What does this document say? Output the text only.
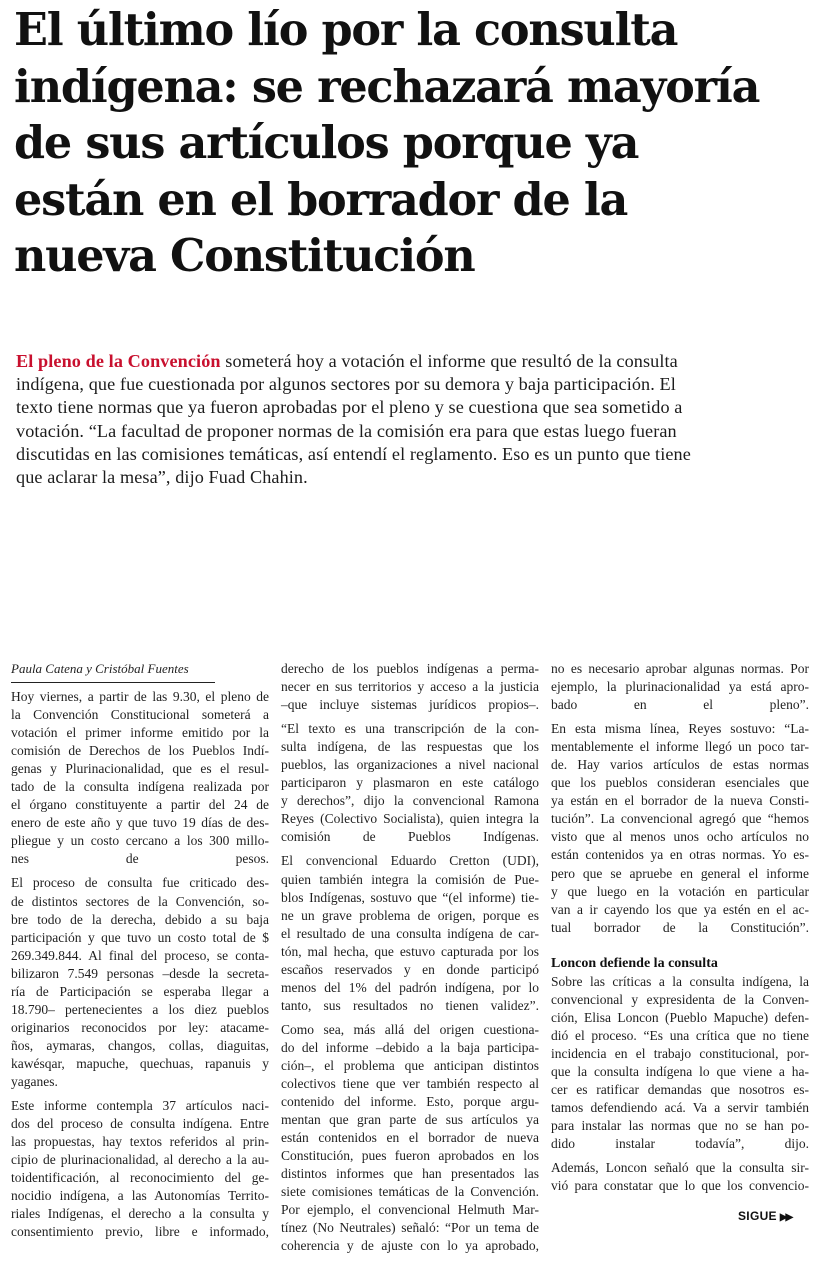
El último lío por la consulta
indígena: se rechazará mayoría
de sus artículos porque ya
están en el borrador de la
nueva Constitución
El pleno de la Convención someterá hoy a votación el informe que resultó de la consulta
indígena, que fue cuestionada por algunos sectores por su demora y baja participación. El
texto tiene normas que ya fueron aprobadas por el pleno y se cuestiona que sea sometido a
votación. “La facultad de proponer normas de la comisión era para que estas luego fueran
discutidas en las comisiones temáticas, así entendí el reglamento. Eso es un punto que tiene
que aclarar la mesa”, dijo Fuad Chahin.
Paula Catena y Cristóbal Fuentes

Hoy viernes, a partir de las 9.30, el pleno de
la Convención Constitucional someterá a
votación el primer informe emitido por la
comisión de Derechos de los Pueblos Indí-
genas y Plurinacionalidad, que es el resul-
tado de la consulta indígena realizada por
el órgano constituyente a partir del 24 de
enero de este año y que tuvo 19 días de des-
pliegue y un costo cercano a los 300 millo-
nes de pesos.

El proceso de consulta fue criticado des-
de distintos sectores de la Convención, so-
bre todo de la derecha, debido a su baja
participación y que tuvo un costo total de $
269.349.844. Al final del proceso, se conta-
bilizaron 7.549 personas –desde la secreta-
ría de Participación se esperaba llegar a
18.790– pertenecientes a los diez pueblos
originarios reconocidos por ley: atacame-
ños, aymaras, changos, collas, diaguitas,
kawésqar, mapuche, quechuas, rapanuis y
yaganes.

Este informe contempla 37 artículos naci-
dos del proceso de consulta indígena. Entre
las propuestas, hay textos referidos al prin-
cipio de plurinacionalidad, al derecho a la au-
toidentificación, al reconocimiento del ge-
nocidio indígena, a las Autonomías Territo-
riales Indígenas, el derecho a la consulta y
consentimiento previo, libre e informado,

derecho de los pueblos indígenas a perma-
necer en sus territorios y acceso a la justicia
–que incluye sistemas jurídicos propios–.

“El texto es una transcripción de la con-
sulta indígena, de las respuestas que los
pueblos, las organizaciones a nivel nacional
participaron y plasmaron en este catálogo
y derechos”, dijo la convencional Ramona
Reyes (Colectivo Socialista), quien integra la
comisión de Pueblos Indígenas.

El convencional Eduardo Cretton (UDI),
quien también integra la comisión de Pue-
blos Indígenas, sostuvo que “(el informe) tie-
ne un grave problema de origen, porque es
el resultado de una consulta indígena de car-
tón, mal hecha, que estuvo capturada por los
escaños reservados y en donde participó
menos del 1% del padrón indígena, por lo
tanto, sus resultados no tienen validez”.

Como sea, más allá del origen cuestiona-
do del informe –debido a la baja participa-
ción–, el problema que anticipan distintos
colectivos tiene que ver también respecto al
contenido del informe. Esto, porque argu-
mentan que gran parte de sus artículos ya
están contenidos en el borrador de nueva
Constitución, pues fueron aprobados en los
distintos informes que han presentados las
siete comisiones temáticas de la Convención.
Por ejemplo, el convencional Helmuth Mar-
tínez (No Neutrales) señaló: “Por un tema de
coherencia y de ajuste con lo ya aprobado,

no es necesario aprobar algunas normas. Por
ejemplo, la plurinacionalidad ya está apro-
bado en el pleno”.

En esta misma línea, Reyes sostuvo: “La-
mentablemente el informe llegó un poco tar-
de. Hay varios artículos de estas normas
que los pueblos consideran esenciales que
ya están en el borrador de la nueva Consti-
tución”. La convencional agregó que “hemos
visto que al menos unos ocho artículos no
están contenidos ya en otras normas. Yo es-
pero que se apruebe en general el informe
y que luego en la votación en particular
van a ir cayendo los que ya estén en el ac-
tual borrador de la Constitución”.

Loncon defiende la consulta

Sobre las críticas a la consulta indígena, la
convencional y expresidenta de la Conven-
ción, Elisa Loncon (Pueblo Mapuche) defen-
dió el proceso. “Es una crítica que no tiene
incidencia en el trabajo constitucional, por-
que la consulta indígena lo que viene a ha-
cer es ratificar demandas que nosotros es-
tamos defendiendo acá. Va a servir también
para instalar las normas que no se han po-
dido instalar todavía”, dijo.

Además, Loncon señaló que la consulta sir-
vió para constatar que lo que los convencio-

SIGUE ▶▶
